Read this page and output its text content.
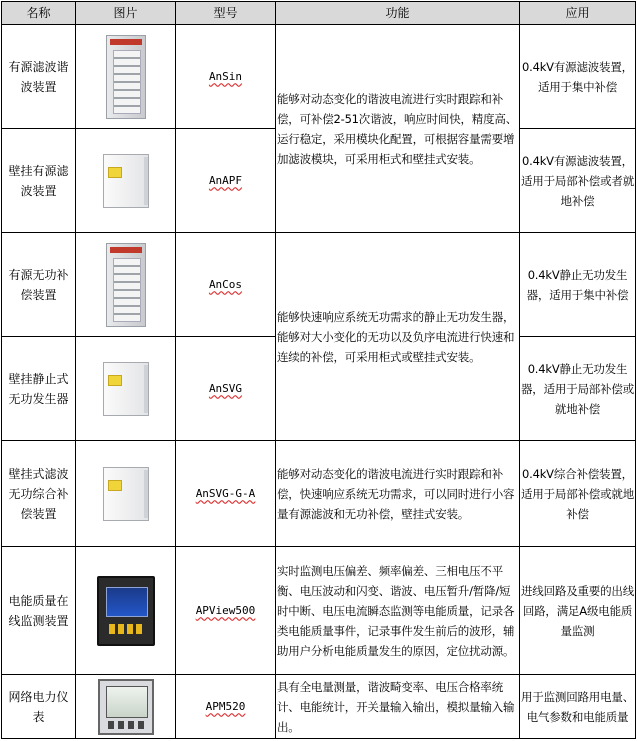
名称	图片	型号	功能	应用
有源滤波谐波装置		AnSin	能够对动态变化的谐波电流进行实时跟踪和补偿，可补偿2-51次谐波，响应时间快，精度高、运行稳定，采用模块化配置，可根据容量需要增加滤波模块，可采用柜式和壁挂式安装。	0.4kV有源滤波装置，适用于集中补偿
壁挂有源滤波装置		AnAPF		0.4kV有源滤波装置，适用于局部补偿或者就地补偿
有源无功补偿装置		AnCos	能够快速响应系统无功需求的静止无功发生器，能够对大小变化的无功以及负序电流进行快速和连续的补偿，可采用柜式或壁挂式安装。	0.4kV静止无功发生器，适用于集中补偿
壁挂静止式无功发生器		AnSVG		0.4kV静止无功发生器，适用于局部补偿或就地补偿
壁挂式滤波无功综合补偿装置		AnSVG-G-A	能够对动态变化的谐波电流进行实时跟踪和补偿，快速响应系统无功需求，可以同时进行小容量有源滤波和无功补偿，壁挂式安装。	0.4kV综合补偿装置，适用于局部补偿或就地补偿
电能质量在线监测装置		APView500	实时监测电压偏差、频率偏差、三相电压不平衡、电压波动和闪变、谐波、电压暂升/暂降/短时中断、电压电流瞬态监测等电能质量，记录各类电能质量事件，记录事件发生前后的波形，辅助用户分析电能质量发生的原因，定位扰动源。	进线回路及重要的出线回路，满足A级电能质量监测
网络电力仪表		APM520	具有全电量测量，谐波畸变率、电压合格率统计、电能统计，开关量输入输出，模拟量输入输出。	用于监测回路用电量、电气参数和电能质量
